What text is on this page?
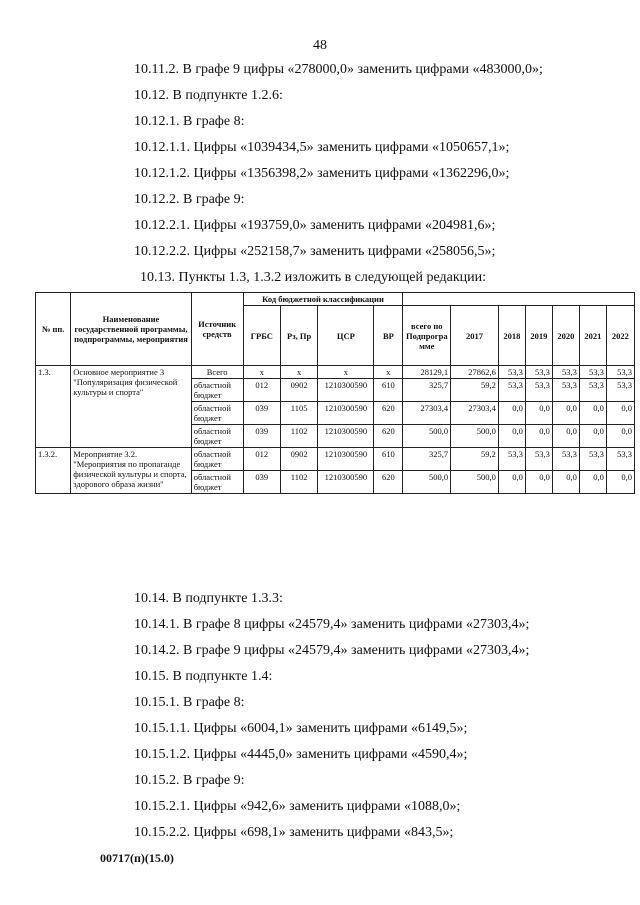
48
10.11.2. В графе 9 цифры «278000,0» заменить цифрами «483000,0»;
10.12. В подпункте 1.2.6:
10.12.1. В графе 8:
10.12.1.1. Цифры «1039434,5» заменить цифрами «1050657,1»;
10.12.1.2. Цифры «1356398,2» заменить цифрами «1362296,0»;
10.12.2. В графе 9:
10.12.2.1. Цифры «193759,0» заменить цифрами «204981,6»;
10.12.2.2. Цифры «252158,7» заменить цифрами «258056,5»;
10.13. Пункты 1.3, 1.3.2 изложить в следующей редакции:
№ пп.	Наименование государственной программы, подпрограммы, мероприятия	Источник средств	Код бюджетной классификации										
			ГРБС	Рз, Пр	ЦСР	ВР	всего по Подпрограмме	2017	2018	2019	2020	2021	2022
1.3.	Основное мероприятие 3 "Популяризация физической культуры и спорта"	Всего	х	х	х	х	28129,1	27862,6	53,3	53,3	53,3	53,3	53,3
		областной бюджет	012	0902	1210300590	610	325,7	59,2	53,3	53,3	53,3	53,3	53,3
		областной бюджет	039	1105	1210300590	620	27303,4	27303,4	0,0	0,0	0,0	0,0	0,0
		областной бюджет	039	1102	1210300590	620	500,0	500,0	0,0	0,0	0,0	0,0	0,0
1.3.2.	Мероприятие 3.2. "Мероприятия по пропаганде физической культуры и спорта, здорового образа жизни"	областной бюджет	012	0902	1210300590	610	325,7	59,2	53,3	53,3	53,3	53,3	53,3
		областной бюджет	039	1102	1210300590	620	500,0	500,0	0,0	0,0	0,0	0,0	0,0
10.14. В подпункте 1.3.3:
10.14.1. В графе 8 цифры «24579,4» заменить цифрами «27303,4»;
10.14.2. В графе 9 цифры «24579,4» заменить цифрами «27303,4»;
10.15. В подпункте 1.4:
10.15.1. В графе 8:
10.15.1.1. Цифры «6004,1» заменить цифрами «6149,5»;
10.15.1.2. Цифры «4445,0» заменить цифрами «4590,4»;
10.15.2. В графе 9:
10.15.2.1. Цифры «942,6» заменить цифрами «1088,0»;
10.15.2.2. Цифры «698,1» заменить цифрами «843,5»;
00717(п)(15.0)
